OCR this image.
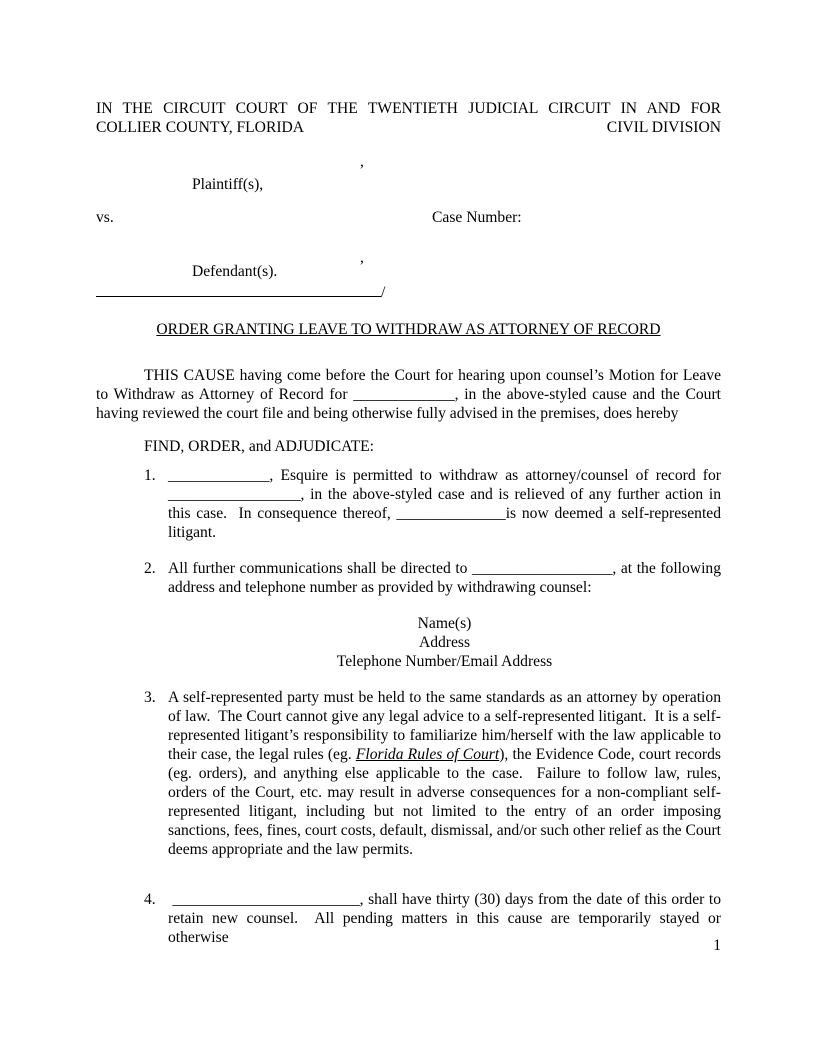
IN THE CIRCUIT COURT OF THE TWENTIETH JUDICIAL CIRCUIT IN AND FOR

COLLIER COUNTY, FLORIDA	CIVIL DIVISION
,
Plaintiff(s),
vs.	Case Number:
,
Defendant(s).
/
ORDER GRANTING LEAVE TO WITHDRAW AS ATTORNEY OF RECORD

THIS CAUSE having come before the Court for hearing upon counsel’s Motion for Leave to Withdraw as Attorney of Record for _____________, in the above-styled cause and the Court having reviewed the court file and being otherwise fully advised in the premises, does hereby

FIND, ORDER, and ADJUDICATE:

1. _____________, Esquire is permitted to withdraw as attorney/counsel of record for _________________, in the above-styled case and is relieved of any further action in this case.  In consequence thereof, ______________is now deemed a self-represented litigant.
2. All further communications shall be directed to __________________, at the following address and telephone number as provided by withdrawing counsel:

Name(s)

Address

Telephone Number/Email Address

3. A self-represented party must be held to the same standards as an attorney by operation of law.  The Court cannot give any legal advice to a self-represented litigant.  It is a self-represented litigant’s responsibility to familiarize him/herself with the law applicable to their case, the legal rules (eg. Florida Rules of Court), the Evidence Code, court records (eg. orders), and anything else applicable to the case.  Failure to follow law, rules, orders of the Court, etc. may result in adverse consequences for a non-compliant self-represented litigant, including but not limited to the entry of an order imposing sanctions, fees, fines, court costs, default, dismissal, and/or such other relief as the Court deems appropriate and the law permits.
4. ________________________, shall have thirty (30) days from the date of this order to retain new counsel.  All pending matters in this cause are temporarily stayed or otherwise	1
